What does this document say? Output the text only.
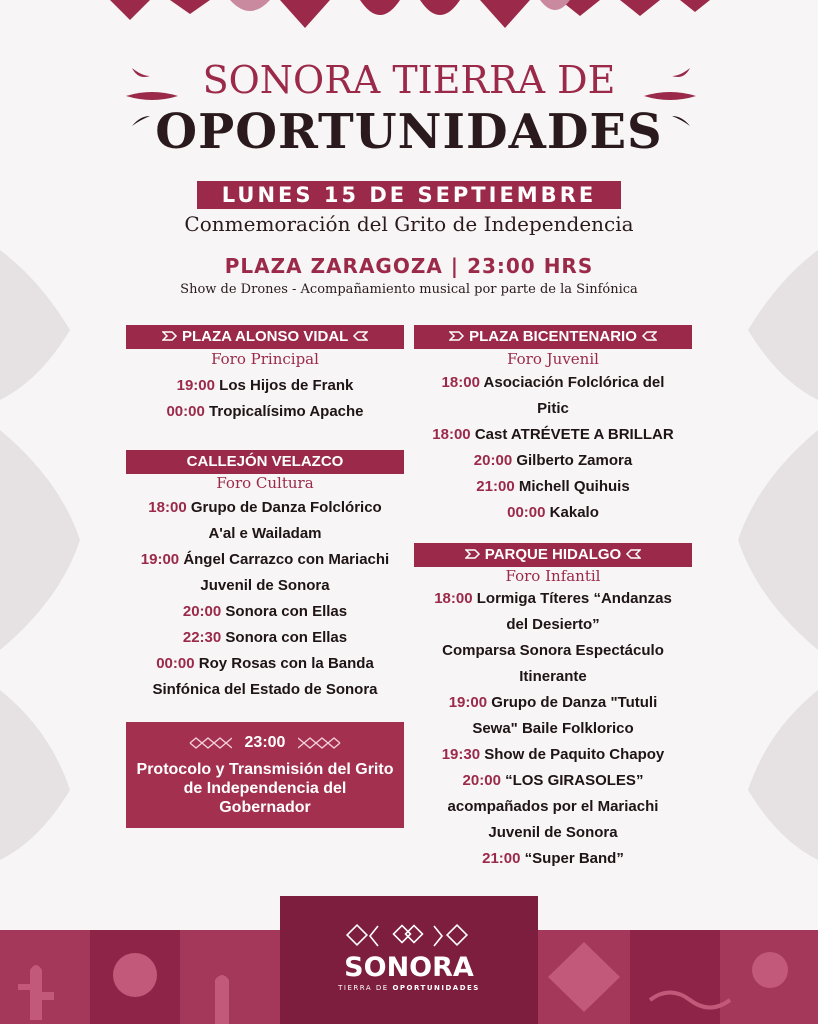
SONORA TIERRA DE
OPORTUNIDADES
LUNES 15 DE SEPTIEMBRE
Conmemoración del Grito de Independencia
PLAZA ZARAGOZA | 23:00 HRS
Show de Drones - Acompañamiento musical por parte de la Sinfónica
PLAZA ALONSO VIDAL
Foro Principal
19:00 Los Hijos de Frank
00:00 Tropicalísimo Apache
CALLEJÓN VELAZCO
Foro Cultura
18:00 Grupo de Danza Folclórico
A'al e Wailadam
19:00 Ángel Carrazco con Mariachi
Juvenil de Sonora
20:00 Sonora con Ellas
22:30 Sonora con Ellas
00:00 Roy Rosas con la Banda
Sinfónica del Estado de Sonora
23:00
Protocolo y Transmisión del Grito de Independencia del Gobernador
PLAZA BICENTENARIO
Foro Juvenil
18:00 Asociación Folclórica del
Pitic
18:00 Cast ATRÉVETE A BRILLAR
20:00 Gilberto Zamora
21:00 Michell Quihuis
00:00 Kakalo
PARQUE HIDALGO
Foro Infantil
18:00 Lormiga Títeres “Andanzas
del Desierto”
Comparsa Sonora Espectáculo
Itinerante
19:00 Grupo de Danza "Tutuli
Sewa" Baile Folklorico
19:30 Show de Paquito Chapoy
20:00 “LOS GIRASOLES”
acompañados por el Mariachi
Juvenil de Sonora
21:00 “Super Band”
SONORA
TIERRA DE OPORTUNIDADES
